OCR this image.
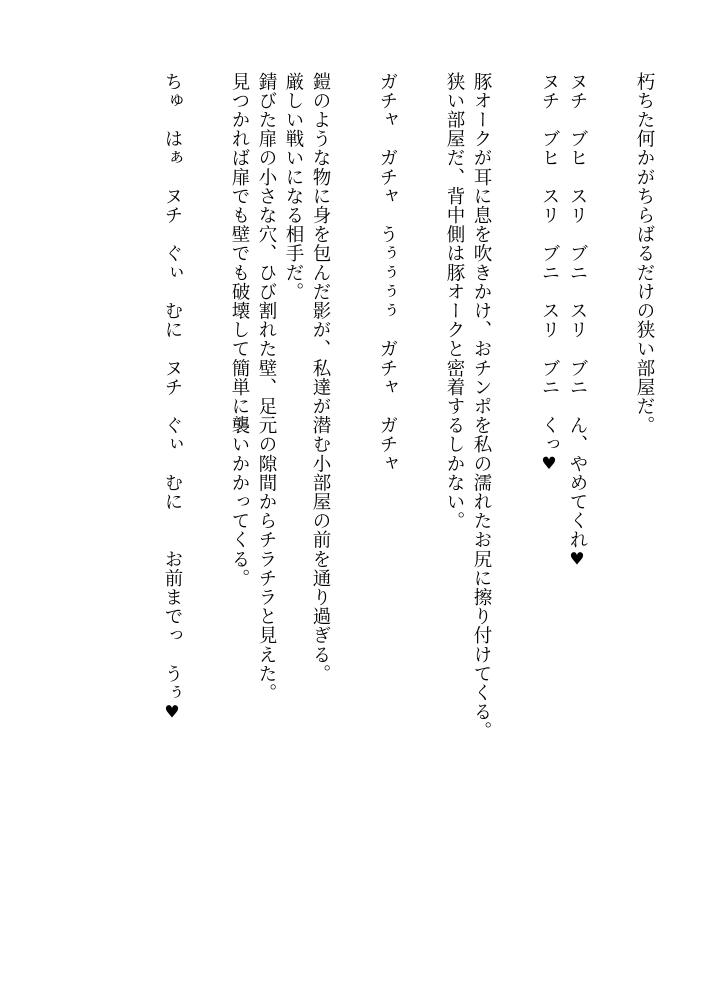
朽ちた何かがちらばるだけの狭い部屋だ。
ヌチ　ブヒ　スリ　ブニ　スリ　ブニ　ん、やめてくれ♥
ヌチ　ブヒ　スリ　ブニ　スリ　ブニ　くっ♥
豚オークが耳に息を吹きかけ、おチンポを私の濡れたお尻に擦り付けてくる。
狭い部屋だ、背中側は豚オークと密着するしかない。
ガチャ　ガチャ　うぅぅぅぅ　ガチャ　ガチャ
鎧のような物に身を包んだ影が、私達が潜む小部屋の前を通り過ぎる。
厳しい戦いになる相手だ。
錆びた扉の小さな穴、ひび割れた壁、足元の隙間からチラチラと見えた。
見つかれば扉でも壁でも破壊して簡単に襲いかかってくる。
ちゅ　はぁ　ヌチ　ぐぃ　むに　ヌチ　ぐぃ　むに　　お前までっ　うぅ♥
